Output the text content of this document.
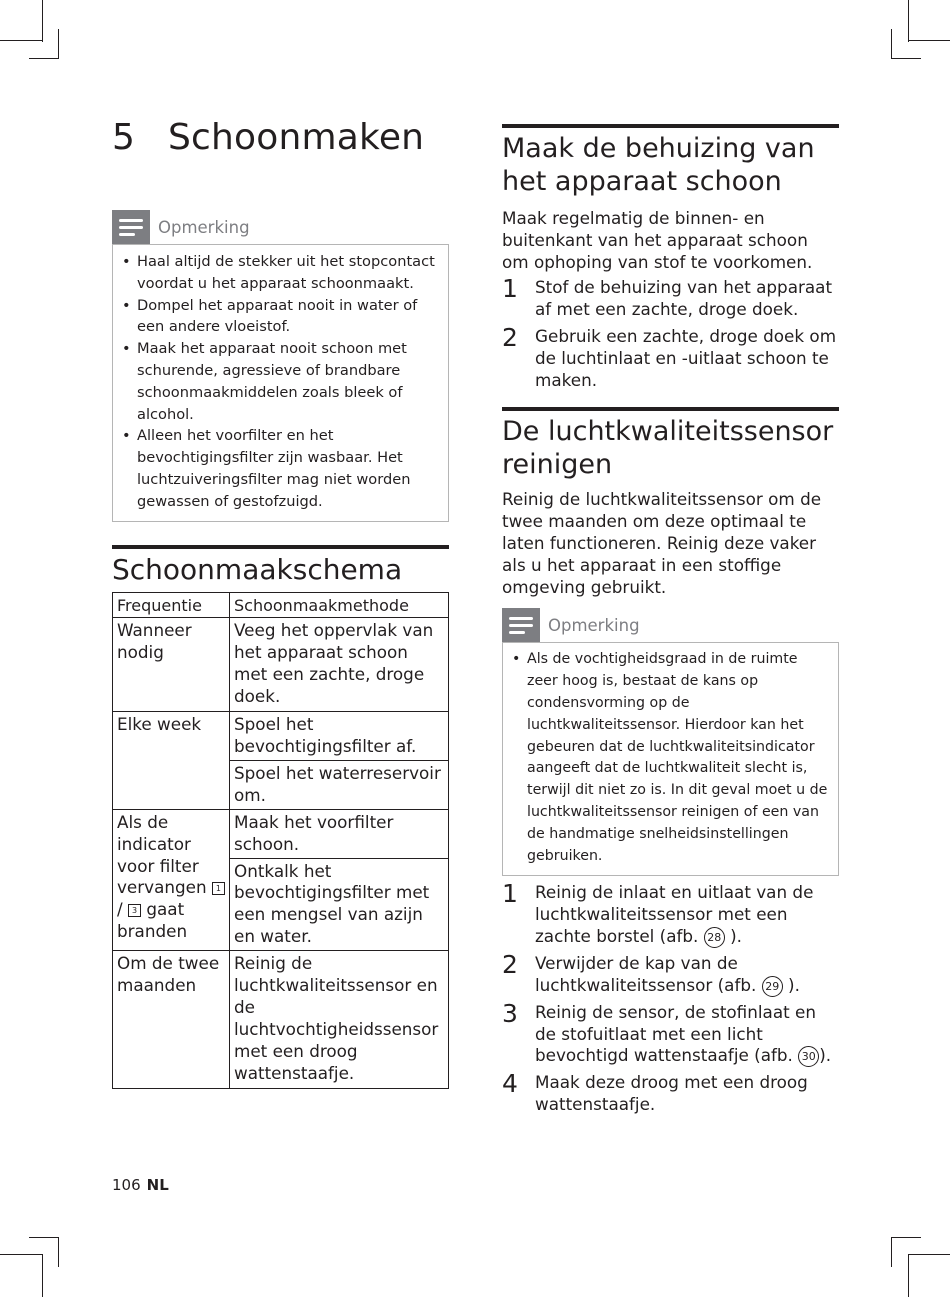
5 Schoonmaken
Opmerking
• Haal altijd de stekker uit het stopcontact voordat u het apparaat schoonmaakt.
• Dompel het apparaat nooit in water of een andere vloeistof.
• Maak het apparaat nooit schoon met schurende, agressieve of brandbare schoonmaakmiddelen zoals bleek of alcohol.
• Alleen het voorfilter en het bevochtigingsfilter zijn wasbaar. Het luchtzuiveringsfilter mag niet worden gewassen of gestofzuigd.
Schoonmaakschema
Frequentie	Schoonmaakmethode
Wanneer nodig	Veeg het oppervlak van het apparaat schoon met een zachte, droge doek.
Elke week	Spoel het bevochtigingsfilter af.
	Spoel het waterreservoir om.
Als de indicator voor filter vervangen 1 / 3 gaat branden	Maak het voorfilter schoon.
	Ontkalk het bevochtigingsfilter met een mengsel van azijn en water.
Om de twee maanden	Reinig de luchtkwaliteitssensor en de luchtvochtigheidssensor met een droog wattenstaafje.
Maak de behuizing van het apparaat schoon

Maak regelmatig de binnen- en buitenkant van het apparaat schoon om ophoping van stof te voorkomen.

1	Stof de behuizing van het apparaat af met een zachte, droge doek.
2	Gebruik een zachte, droge doek om de luchtinlaat en -uitlaat schoon te maken.
De luchtkwaliteitssensor reinigen

Reinig de luchtkwaliteitssensor om de twee maanden om deze optimaal te laten functioneren. Reinig deze vaker als u het apparaat in een stoffige omgeving gebruikt.

Opmerking
• Als de vochtigheidsgraad in de ruimte zeer hoog is, bestaat de kans op condensvorming op de luchtkwaliteitssensor. Hierdoor kan het gebeuren dat de luchtkwaliteitsindicator aangeeft dat de luchtkwaliteit slecht is, terwijl dit niet zo is. In dit geval moet u de luchtkwaliteitssensor reinigen of een van de handmatige snelheidsinstellingen gebruiken.
1	Reinig de inlaat en uitlaat van de luchtkwaliteitssensor met een zachte borstel (afb. 28 ).
2	Verwijder de kap van de luchtkwaliteitssensor (afb. 29 ).
3	Reinig de sensor, de stofinlaat en de stofuitlaat met een licht bevochtigd wattenstaafje (afb. 30 ).
4	Maak deze droog met een droog wattenstaafje.
106 NL
